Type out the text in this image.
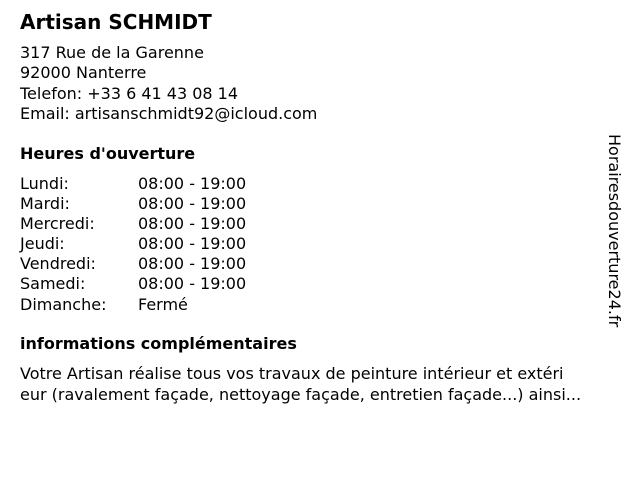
Artisan SCHMIDT
317 Rue de la Garenne
92000 Nanterre
Telefon: +33 6 41 43 08 14
Email: artisanschmidt92@icloud.com
Heures d'ouverture
Lundi:	08:00 - 19:00
Mardi:	08:00 - 19:00
Mercredi:	08:00 - 19:00
Jeudi:	08:00 - 19:00
Vendredi:	08:00 - 19:00
Samedi:	08:00 - 19:00
Dimanche:	Fermé
informations complémentaires
Votre Artisan réalise tous vos travaux de peinture intérieur et extéri
eur (ravalement façade, nettoyage façade, entretien façade...) ainsi...
Horairesdouverture24.fr
